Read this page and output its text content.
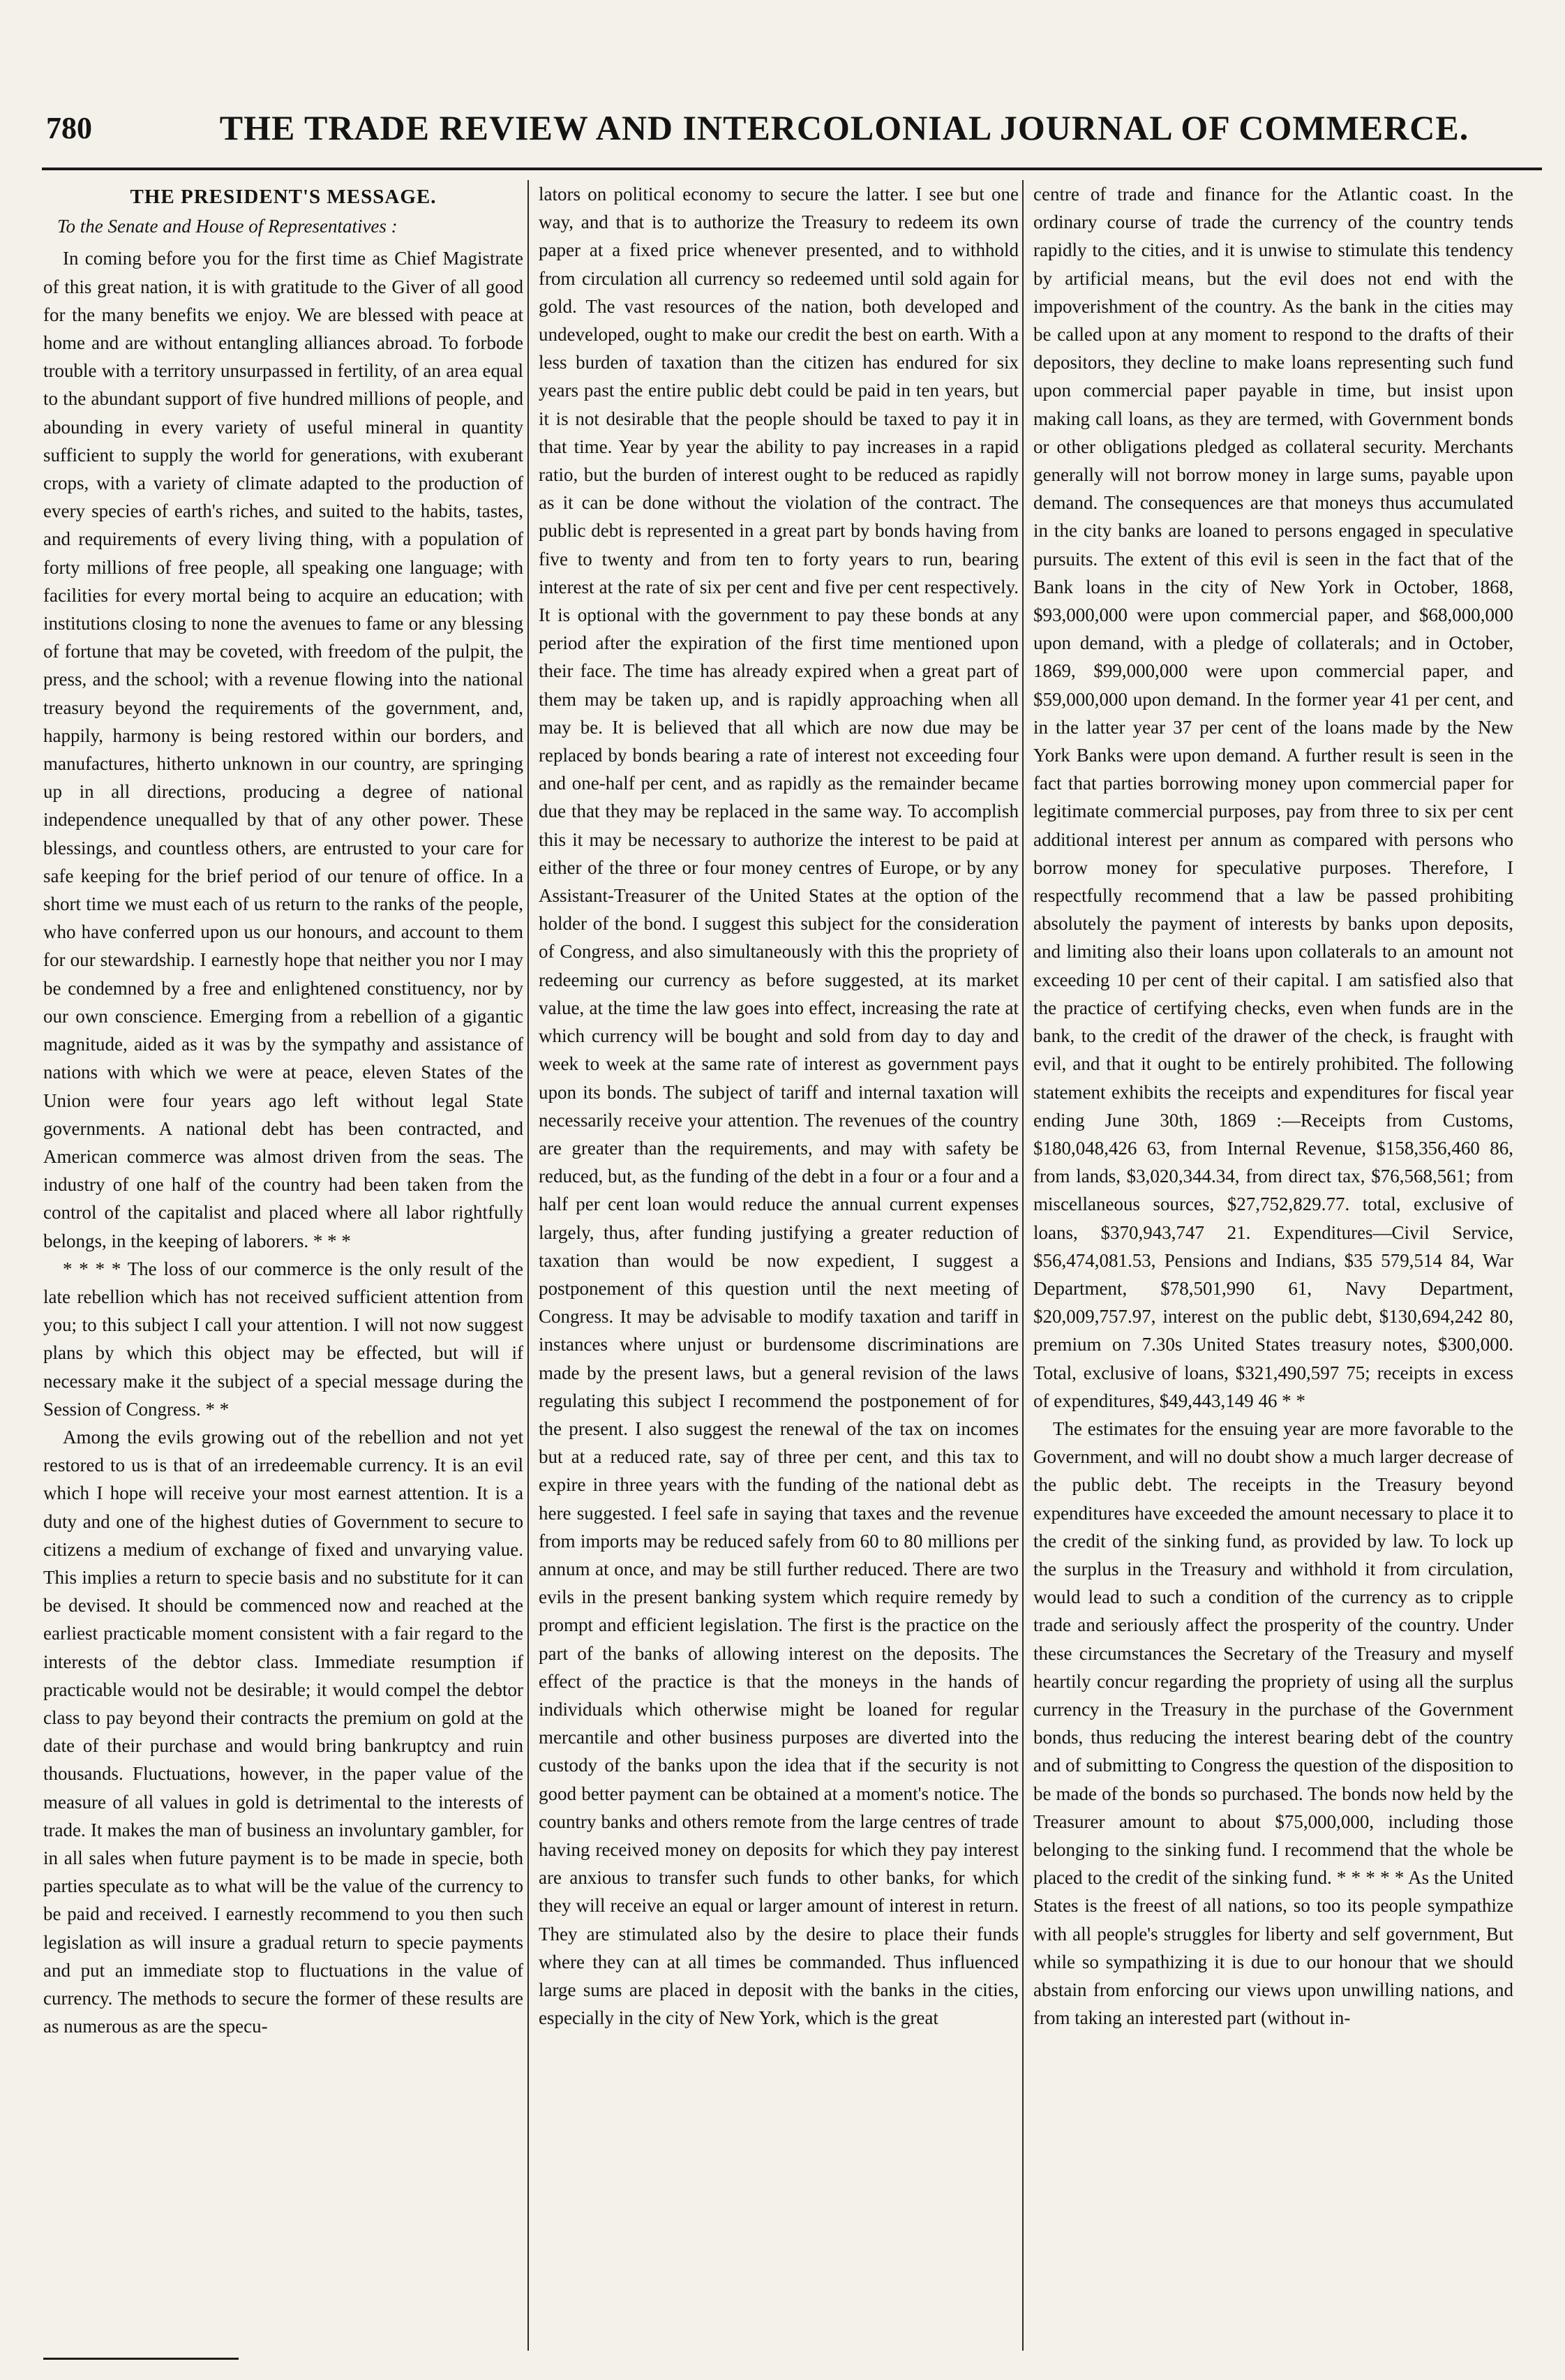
780	THE TRADE REVIEW AND INTERCOLONIAL JOURNAL OF COMMERCE.
THE PRESIDENT'S MESSAGE.
To the Senate and House of Representatives :

In coming before you for the first time as Chief Magistrate of this great nation, it is with gratitude to the Giver of all good for the many benefits we enjoy. We are blessed with peace at home and are without entangling alliances abroad. To forbode trouble with a territory unsurpassed in fertility, of an area equal to the abundant support of five hundred millions of people, and abounding in every variety of useful mineral in quantity sufficient to supply the world for generations, with exuberant crops, with a variety of climate adapted to the production of every species of earth's riches, and suited to the habits, tastes, and requirements of every living thing, with a population of forty millions of free people, all speaking one language; with facilities for every mortal being to acquire an education; with institutions closing to none the avenues to fame or any blessing of fortune that may be coveted, with freedom of the pulpit, the press, and the school; with a revenue flowing into the national treasury beyond the requirements of the government, and, happily, harmony is being restored within our borders, and manufactures, hitherto unknown in our country, are springing up in all directions, producing a degree of national independence unequalled by that of any other power. These blessings, and countless others, are entrusted to your care for safe keeping for the brief period of our tenure of office. In a short time we must each of us return to the ranks of the people, who have conferred upon us our honours, and account to them for our stewardship. I earnestly hope that neither you nor I may be condemned by a free and enlightened constituency, nor by our own conscience. Emerging from a rebellion of a gigantic magnitude, aided as it was by the sympathy and assistance of nations with which we were at peace, eleven States of the Union were four years ago left without legal State governments. A national debt has been contracted, and American commerce was almost driven from the seas. The industry of one half of the country had been taken from the control of the capitalist and placed where all labor rightfully belongs, in the keeping of laborers. * * *

* * * * The loss of our commerce is the only result of the late rebellion which has not received sufficient attention from you; to this subject I call your attention. I will not now suggest plans by which this object may be effected, but will if necessary make it the subject of a special message during the Session of Congress. * *

Among the evils growing out of the rebellion and not yet restored to us is that of an irredeemable currency. It is an evil which I hope will receive your most earnest attention. It is a duty and one of the highest duties of Government to secure to citizens a medium of exchange of fixed and unvarying value. This implies a return to specie basis and no substitute for it can be devised. It should be commenced now and reached at the earliest practicable moment consistent with a fair regard to the interests of the debtor class. Immediate resumption if practicable would not be desirable; it would compel the debtor class to pay beyond their contracts the premium on gold at the date of their purchase and would bring bankruptcy and ruin thousands. Fluctuations, however, in the paper value of the measure of all values in gold is detrimental to the interests of trade. It makes the man of business an involuntary gambler, for in all sales when future payment is to be made in specie, both parties speculate as to what will be the value of the currency to be paid and received. I earnestly recommend to you then such legislation as will insure a gradual return to specie payments and put an immediate stop to fluctuations in the value of currency. The methods to secure the former of these results are as numerous as are the specu-

lators on political economy to secure the latter. I see but one way, and that is to authorize the Treasury to redeem its own paper at a fixed price whenever presented, and to withhold from circulation all currency so redeemed until sold again for gold. The vast resources of the nation, both developed and undeveloped, ought to make our credit the best on earth. With a less burden of taxation than the citizen has endured for six years past the entire public debt could be paid in ten years, but it is not desirable that the people should be taxed to pay it in that time. Year by year the ability to pay increases in a rapid ratio, but the burden of interest ought to be reduced as rapidly as it can be done without the violation of the contract. The public debt is represented in a great part by bonds having from five to twenty and from ten to forty years to run, bearing interest at the rate of six per cent and five per cent respectively. It is optional with the government to pay these bonds at any period after the expiration of the first time mentioned upon their face. The time has already expired when a great part of them may be taken up, and is rapidly approaching when all may be. It is believed that all which are now due may be replaced by bonds bearing a rate of interest not exceeding four and one-half per cent, and as rapidly as the remainder became due that they may be replaced in the same way. To accomplish this it may be necessary to authorize the interest to be paid at either of the three or four money centres of Europe, or by any Assistant-Treasurer of the United States at the option of the holder of the bond. I suggest this subject for the consideration of Congress, and also simultaneously with this the propriety of redeeming our currency as before suggested, at its market value, at the time the law goes into effect, increasing the rate at which currency will be bought and sold from day to day and week to week at the same rate of interest as government pays upon its bonds. The subject of tariff and internal taxation will necessarily receive your attention. The revenues of the country are greater than the requirements, and may with safety be reduced, but, as the funding of the debt in a four or a four and a half per cent loan would reduce the annual current expenses largely, thus, after funding justifying a greater reduction of taxation than would be now expedient, I suggest a postponement of this question until the next meeting of Congress. It may be advisable to modify taxation and tariff in instances where unjust or burdensome discriminations are made by the present laws, but a general revision of the laws regulating this subject I recommend the postponement of for the present. I also suggest the renewal of the tax on incomes but at a reduced rate, say of three per cent, and this tax to expire in three years with the funding of the national debt as here suggested. I feel safe in saying that taxes and the revenue from imports may be reduced safely from 60 to 80 millions per annum at once, and may be still further reduced. There are two evils in the present banking system which require remedy by prompt and efficient legislation. The first is the practice on the part of the banks of allowing interest on the deposits. The effect of the practice is that the moneys in the hands of individuals which otherwise might be loaned for regular mercantile and other business purposes are diverted into the custody of the banks upon the idea that if the security is not good better payment can be obtained at a moment's notice. The country banks and others remote from the large centres of trade having received money on deposits for which they pay interest are anxious to transfer such funds to other banks, for which they will receive an equal or larger amount of interest in return. They are stimulated also by the desire to place their funds where they can at all times be commanded. Thus influenced large sums are placed in deposit with the banks in the cities, especially in the city of New York, which is the great

centre of trade and finance for the Atlantic coast. In the ordinary course of trade the currency of the country tends rapidly to the cities, and it is unwise to stimulate this tendency by artificial means, but the evil does not end with the impoverishment of the country. As the bank in the cities may be called upon at any moment to respond to the drafts of their depositors, they decline to make loans representing such fund upon commercial paper payable in time, but insist upon making call loans, as they are termed, with Government bonds or other obligations pledged as collateral security. Merchants generally will not borrow money in large sums, payable upon demand. The consequences are that moneys thus accumulated in the city banks are loaned to persons engaged in speculative pursuits. The extent of this evil is seen in the fact that of the Bank loans in the city of New York in October, 1868, $93,000,000 were upon commercial paper, and $68,000,000 upon demand, with a pledge of collaterals; and in October, 1869, $99,000,000 were upon commercial paper, and $59,000,000 upon demand. In the former year 41 per cent, and in the latter year 37 per cent of the loans made by the New York Banks were upon demand. A further result is seen in the fact that parties borrowing money upon commercial paper for legitimate commercial purposes, pay from three to six per cent additional interest per annum as compared with persons who borrow money for speculative purposes. Therefore, I respectfully recommend that a law be passed prohibiting absolutely the payment of interests by banks upon deposits, and limiting also their loans upon collaterals to an amount not exceeding 10 per cent of their capital. I am satisfied also that the practice of certifying checks, even when funds are in the bank, to the credit of the drawer of the check, is fraught with evil, and that it ought to be entirely prohibited. The following statement exhibits the receipts and expenditures for fiscal year ending June 30th, 1869 :—Receipts from Customs, $180,048,426 63, from Internal Revenue, $158,356,460 86, from lands, $3,020,344.34, from direct tax, $76,568,561; from miscellaneous sources, $27,752,829.77. total, exclusive of loans, $370,943,747 21. Expenditures—Civil Service, $56,474,081.53, Pensions and Indians, $35 579,514 84, War Department, $78,501,990 61, Navy Department, $20,009,757.97, interest on the public debt, $130,694,242 80, premium on 7.30s United States treasury notes, $300,000. Total, exclusive of loans, $321,490,597 75; receipts in excess of expenditures, $49,443,149 46 * *

The estimates for the ensuing year are more favorable to the Government, and will no doubt show a much larger decrease of the public debt. The receipts in the Treasury beyond expenditures have exceeded the amount necessary to place it to the credit of the sinking fund, as provided by law. To lock up the surplus in the Treasury and withhold it from circulation, would lead to such a condition of the currency as to cripple trade and seriously affect the prosperity of the country. Under these circumstances the Secretary of the Treasury and myself heartily concur regarding the propriety of using all the surplus currency in the Treasury in the purchase of the Government bonds, thus reducing the interest bearing debt of the country and of submitting to Congress the question of the disposition to be made of the bonds so purchased. The bonds now held by the Treasurer amount to about $75,000,000, including those belonging to the sinking fund. I recommend that the whole be placed to the credit of the sinking fund. * * * * * As the United States is the freest of all nations, so too its people sympathize with all people's struggles for liberty and self government, But while so sympathizing it is due to our honour that we should abstain from enforcing our views upon unwilling nations, and from taking an interested part (without in-
